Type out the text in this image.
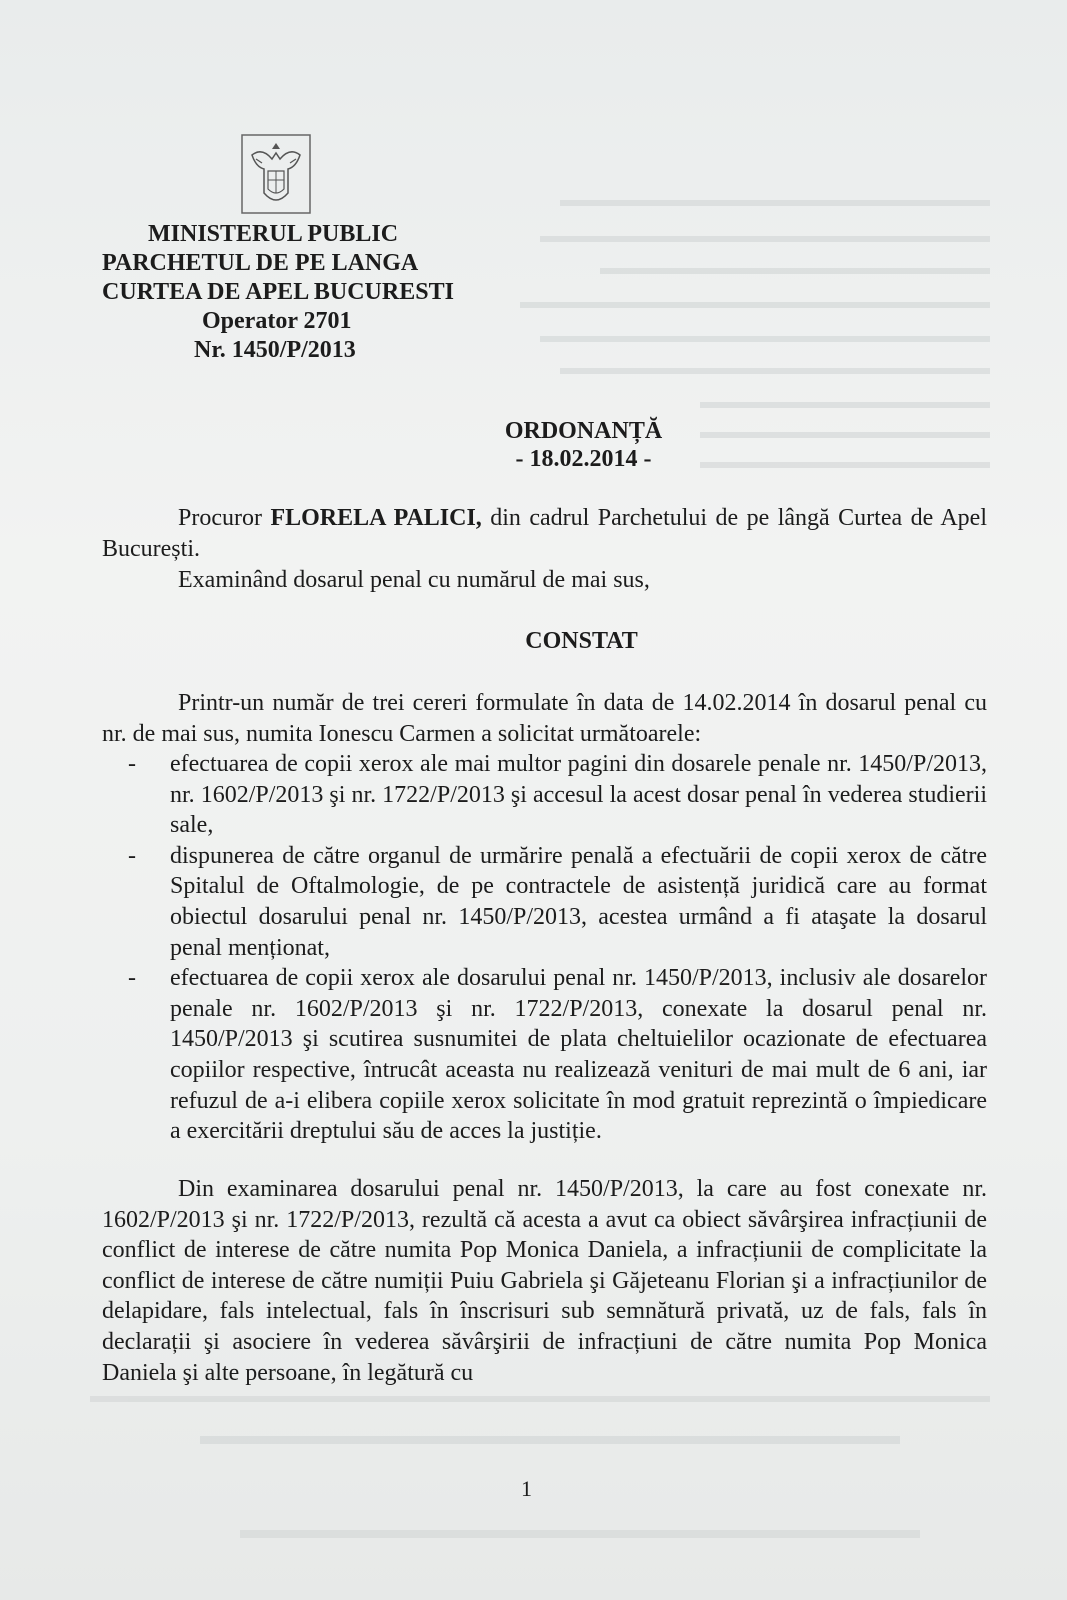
MINISTERUL PUBLIC
PARCHETUL DE PE LANGA
CURTEA DE APEL BUCURESTI
Operator 2701
Nr. 1450/P/2013
ORDONANȚĂ
- 18.02.2014 -
Procuror FLORELA PALICI, din cadrul Parchetului de pe lângă Curtea de Apel București.
Examinând dosarul penal cu numărul de mai sus,
CONSTAT
Printr-un număr de trei cereri formulate în data de 14.02.2014 în dosarul penal cu nr. de mai sus, numita Ionescu Carmen a solicitat următoarele:
- efectuarea de copii xerox ale mai multor pagini din dosarele penale nr. 1450/P/2013, nr. 1602/P/2013 şi nr. 1722/P/2013 şi accesul la acest dosar penal în vederea studierii sale,
- dispunerea de către organul de urmărire penală a efectuării de copii xerox de către Spitalul de Oftalmologie, de pe contractele de asistență juridică care au format obiectul dosarului penal nr. 1450/P/2013, acestea urmând a fi ataşate la dosarul penal menționat,
- efectuarea de copii xerox ale dosarului penal nr. 1450/P/2013, inclusiv ale dosarelor penale nr. 1602/P/2013 şi nr. 1722/P/2013, conexate la dosarul penal nr. 1450/P/2013 şi scutirea susnumitei de plata cheltuielilor ocazionate de efectuarea copiilor respective, întrucât aceasta nu realizează venituri de mai mult de 6 ani, iar refuzul de a-i elibera copiile xerox solicitate în mod gratuit reprezintă o împiedicare a exercitării dreptului său de acces la justiție.
Din examinarea dosarului penal nr. 1450/P/2013, la care au fost conexate nr. 1602/P/2013 şi nr. 1722/P/2013, rezultă că acesta a avut ca obiect săvârşirea infracțiunii de conflict de interese de către numita Pop Monica Daniela, a infracțiunii de complicitate la conflict de interese de către numiții Puiu Gabriela şi Găjeteanu Florian şi a infracțiunilor de delapidare, fals intelectual, fals în înscrisuri sub semnătură privată, uz de fals, fals în declarații şi asociere în vederea săvârşirii de infracțiuni de către numita Pop Monica Daniela şi alte persoane, în legătură cu
1
